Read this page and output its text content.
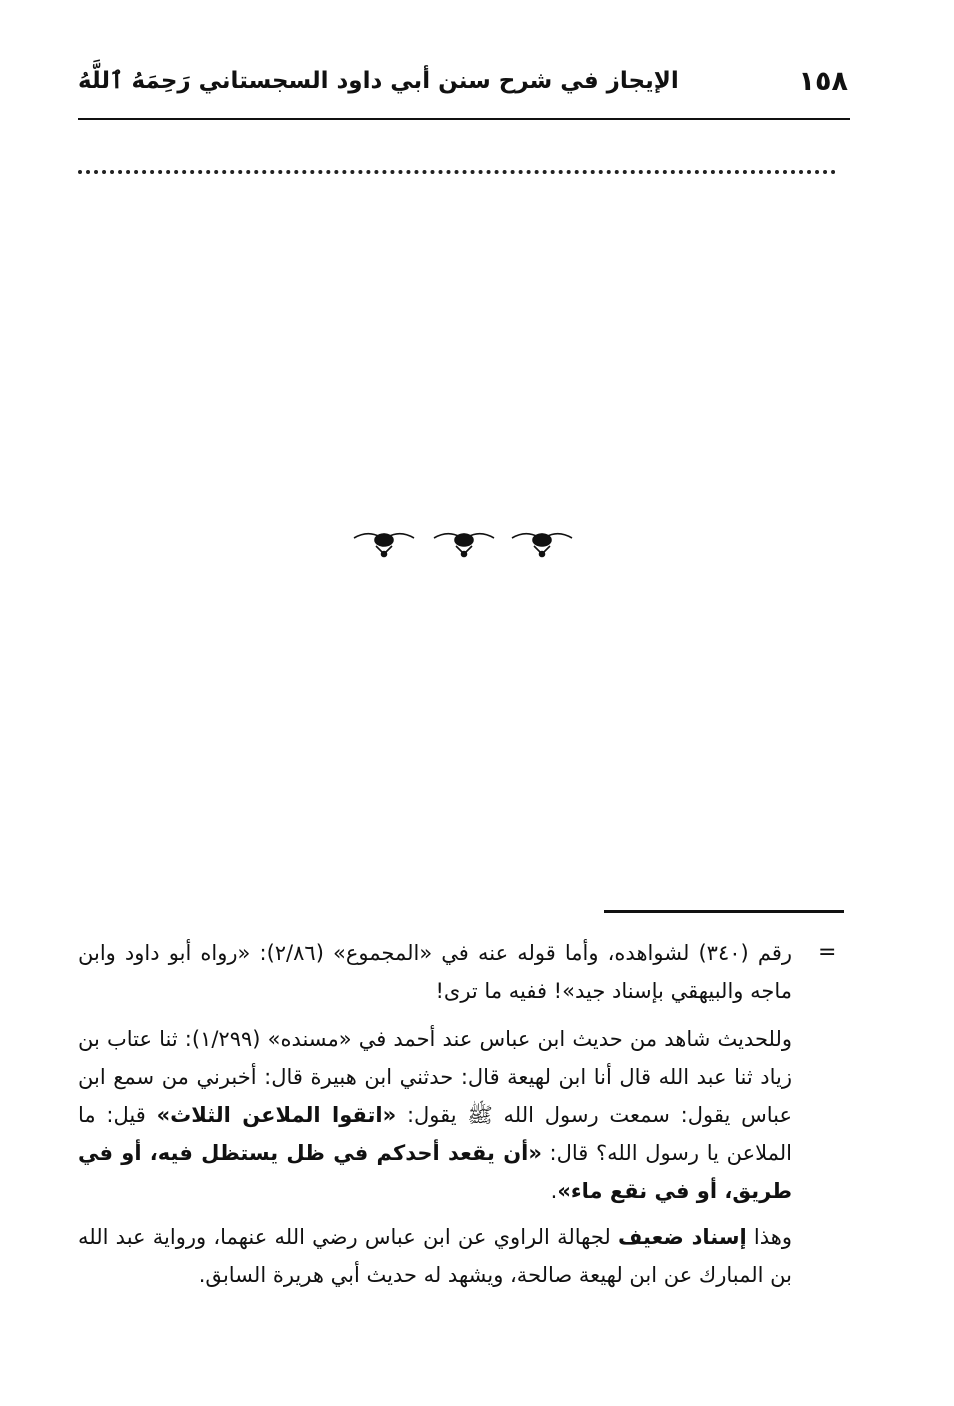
١٥٨
الإيجاز في شرح سنن أبي داود السجستاني رَحِمَهُ ٱللَّهُ
=

رقم (٣٤٠) لشواهده، وأما قوله عنه في «المجموع» (٢/٨٦): «رواه أبو داود وابن ماجه والبيهقي بإسناد جيد»! ففيه ما ترى!

وللحديث شاهد من حديث ابن عباس عند أحمد في «مسنده» (١/٢٩٩): ثنا عتاب بن زياد ثنا عبد الله قال أنا ابن لهيعة قال: حدثني ابن هبيرة قال: أخبرني من سمع ابن عباس يقول: سمعت رسول الله ﷺ يقول: «اتقوا الملاعن الثلاث» قيل: ما الملاعن يا رسول الله؟ قال: «أن يقعد أحدكم في ظل يستظل فيه، أو في طريق، أو في نقع ماء».

وهذا إسناد ضعيف لجهالة الراوي عن ابن عباس رضي الله عنهما، ورواية عبد الله بن المبارك عن ابن لهيعة صالحة، ويشهد له حديث أبي هريرة السابق.
